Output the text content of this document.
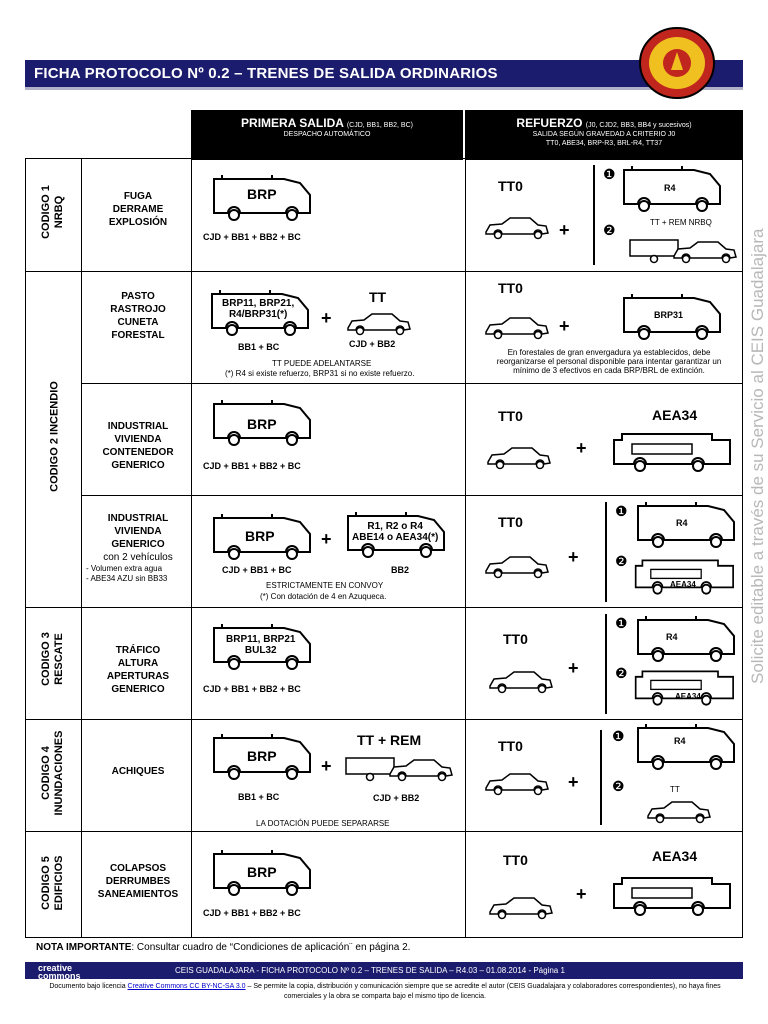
FICHA PROTOCOLO Nº 0.2 – TRENES DE SALIDA ORDINARIOS
PRIMERA SALIDA (CJD, BB1, BB2, BC)
DESPACHO AUTOMÁTICO
REFUERZO (J0, CJD2, BB3, BB4 y sucesivos)
SALIDA SEGÚN GRAVEDAD A CRITERIO J0
TT0, ABE34, BRP-R3, BRL-R4, TT37
CODIGO 1
NRBQ
CODIGO 2 INCENDIO
CODIGO 3
RESCATE
CODIGO 4
INUNDACIONES
CODIGO 5
EDIFICIOS
FUGA
DERRAME
EXPLOSIÓN
PASTO
RASTROJO
CUNETA
FORESTAL
INDUSTRIAL
VIVIENDA
CONTENEDOR
GENERICO
INDUSTRIAL
VIVIENDA
GENERICO
con 2 vehículos
- Volumen extra agua
- ABE34 AZU sin BB33
TRÁFICO
ALTURA
APERTURAS
GENERICO
ACHIQUES
COLAPSOS
DERRUMBES
SANEAMIENTOS
BRP
CJD + BB1 + BB2 + BC
TT0
+
❶
R4
TT + REM NRBQ
❷
BRP11, BRP21,
R4/BRP31(*)
BB1 + BC
+
TT
CJD + BB2
TT PUEDE ADELANTARSE
(*) R4 si existe refuerzo, BRP31 si no existe refuerzo.
TT0
+
BRP31
En forestales de gran envergadura ya establecidos, debe reorganizarse el personal disponible para intentar garantizar un mínimo de 3 efectivos en cada BRP/BRL de extinción.
BRP
CJD + BB1 + BB2 + BC
TT0
+
AEA34
BRP
CJD + BB1 + BC
+
R1, R2 o R4
ABE14 o AEA34(*)
BB2
ESTRICTAMENTE EN CONVOY
(*) Con dotación de 4 en Azuqueca.
TT0
+
❶
R4
❷
AEA34
BRP11, BRP21
BUL32
CJD + BB1 + BB2 + BC
TT0
+
❶
R4
❷
AEA34
BRP
BB1 + BC
+
TT + REM
CJD + BB2
LA DOTACIÓN PUEDE SEPARARSE
TT0
+
❶	R4
❷	TT
BRP
CJD + BB1 + BB2 + BC
TT0
+
AEA34
Solicite editable a través de su Servicio al CEIS Guadalajara
NOTA IMPORTANTE: Consultar cuadro de “Condiciones de aplicación¨ en página 2.
CEIS GUADALAJARA - FICHA PROTOCOLO Nº 0.2 – TRENES DE SALIDA – R4.03 – 01.08.2014 - Página 1
creative
commons
Documento bajo licencia Creative Commons CC BY-NC-SA 3.0 – Se permite la copia, distribución y comunicación siempre que se acredite el autor (CEIS Guadalajara y colaboradores correspondientes), no haya fines comerciales y la obra se comparta bajo el mismo tipo de licencia.
